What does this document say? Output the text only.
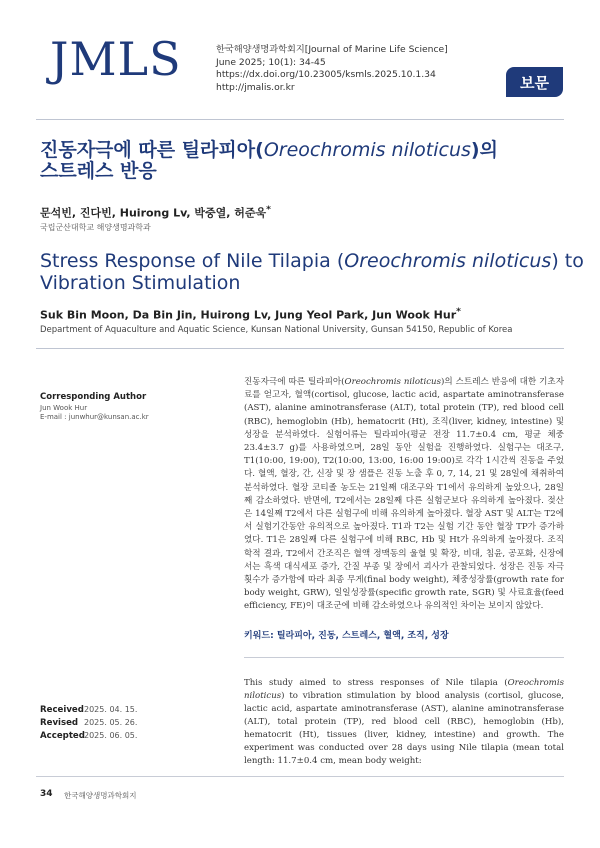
JMLS	한국해양생명과학회지[Journal of Marine Life Science]
June 2025; 10(1): 34-45
https://dx.doi.org/10.23005/ksmls.2025.10.1.34
http://jmalis.or.kr	보문
진동자극에 따른 틸라피아(Oreochromis niloticus)의
스트레스 반응
문석빈, 진다빈, Huirong Lv, 박중열, 허준욱*
국립군산대학교 해양생명과학과
Stress Response of Nile Tilapia (Oreochromis niloticus) to
Vibration Stimulation
Suk Bin Moon, Da Bin Jin, Huirong Lv, Jung Yeol Park, Jun Wook Hur*
Department of Aquaculture and Aquatic Science, Kunsan National University, Gunsan 54150, Republic of Korea
Corresponding Author
Jun Wook Hur
E-mail : junwhur@kunsan.ac.kr
진동자극에 따른 틸라피아(Oreochromis niloticus)의 스트레스 반응에 대한 기초자료를 얻고자, 혈액(cortisol, glucose, lactic acid, aspartate aminotransferase (AST), alanine aminotransferase (ALT), total protein (TP), red blood cell (RBC), hemoglobin (Hb), hematocrit (Ht), 조직(liver, kidney, intestine) 및 성장을 분석하였다. 실험어류는 틸라피아(평균 전장 11.7±0.4 cm, 평균 체중 23.4±3.7 g)를 사용하였으며, 28일 동안 실험을 진행하였다. 실험구는 대조구, T1(10:00, 19:00), T2(10:00, 13:00, 16:00 19:00)로 각각 1시간씩 진동을 주었다. 혈액, 혈장, 간, 신장 및 장 샘플은 진동 노출 후 0, 7, 14, 21 및 28일에 채취하여 분석하였다. 혈장 코티졸 농도는 21일째 대조구와 T1에서 유의하게 높았으나, 28일째 감소하였다. 반면에, T2에서는 28일째 다른 실험군보다 유의하게 높아졌다. 젖산은 14일째 T2에서 다른 실험구에 비해 유의하게 높아졌다. 혈장 AST 및 ALT는 T2에서 실험기간동안 유의적으로 높아졌다. T1과 T2는 실험 기간 동안 혈장 TP가 증가하였다. T1은 28일째 다른 실험구에 비해 RBC, Hb 및 Ht가 유의하게 높아졌다. 조직학적 결과, T2에서 간조직은 혈액 정맥동의 울혈 및 확장, 비대, 침윤, 공포화, 신장에서는 흑색 대식세포 증가, 간질 부종 및 장에서 괴사가 관찰되었다. 성장은 진동 자극 횟수가 증가함에 따라 최종 무게(final body weight), 체중성장률(growth rate for body weight, GRW), 일일성장률(specific growth rate, SGR) 및 사료효율(feed efficiency, FE)이 대조군에 비해 감소하였으나 유의적인 차이는 보이지 않았다.
키워드: 틸라피아, 진동, 스트레스, 혈액, 조직, 성장
This study aimed to stress responses of Nile tilapia (Oreochromis niloticus) to vibration stimulation by blood analysis (cortisol, glucose, lactic acid, aspartate aminotransferase (AST), alanine aminotransferase (ALT), total protein (TP), red blood cell (RBC), hemoglobin (Hb), hematocrit (Ht), tissues (liver, kidney, intestine) and growth. The experiment was conducted over 28 days using Nile tilapia (mean total length: 11.7±0.4 cm, mean body weight:
Received2025. 04. 15.
Revised 2025. 05. 26.
Accepted2025. 06. 05.
34 한국해양생명과학회지
